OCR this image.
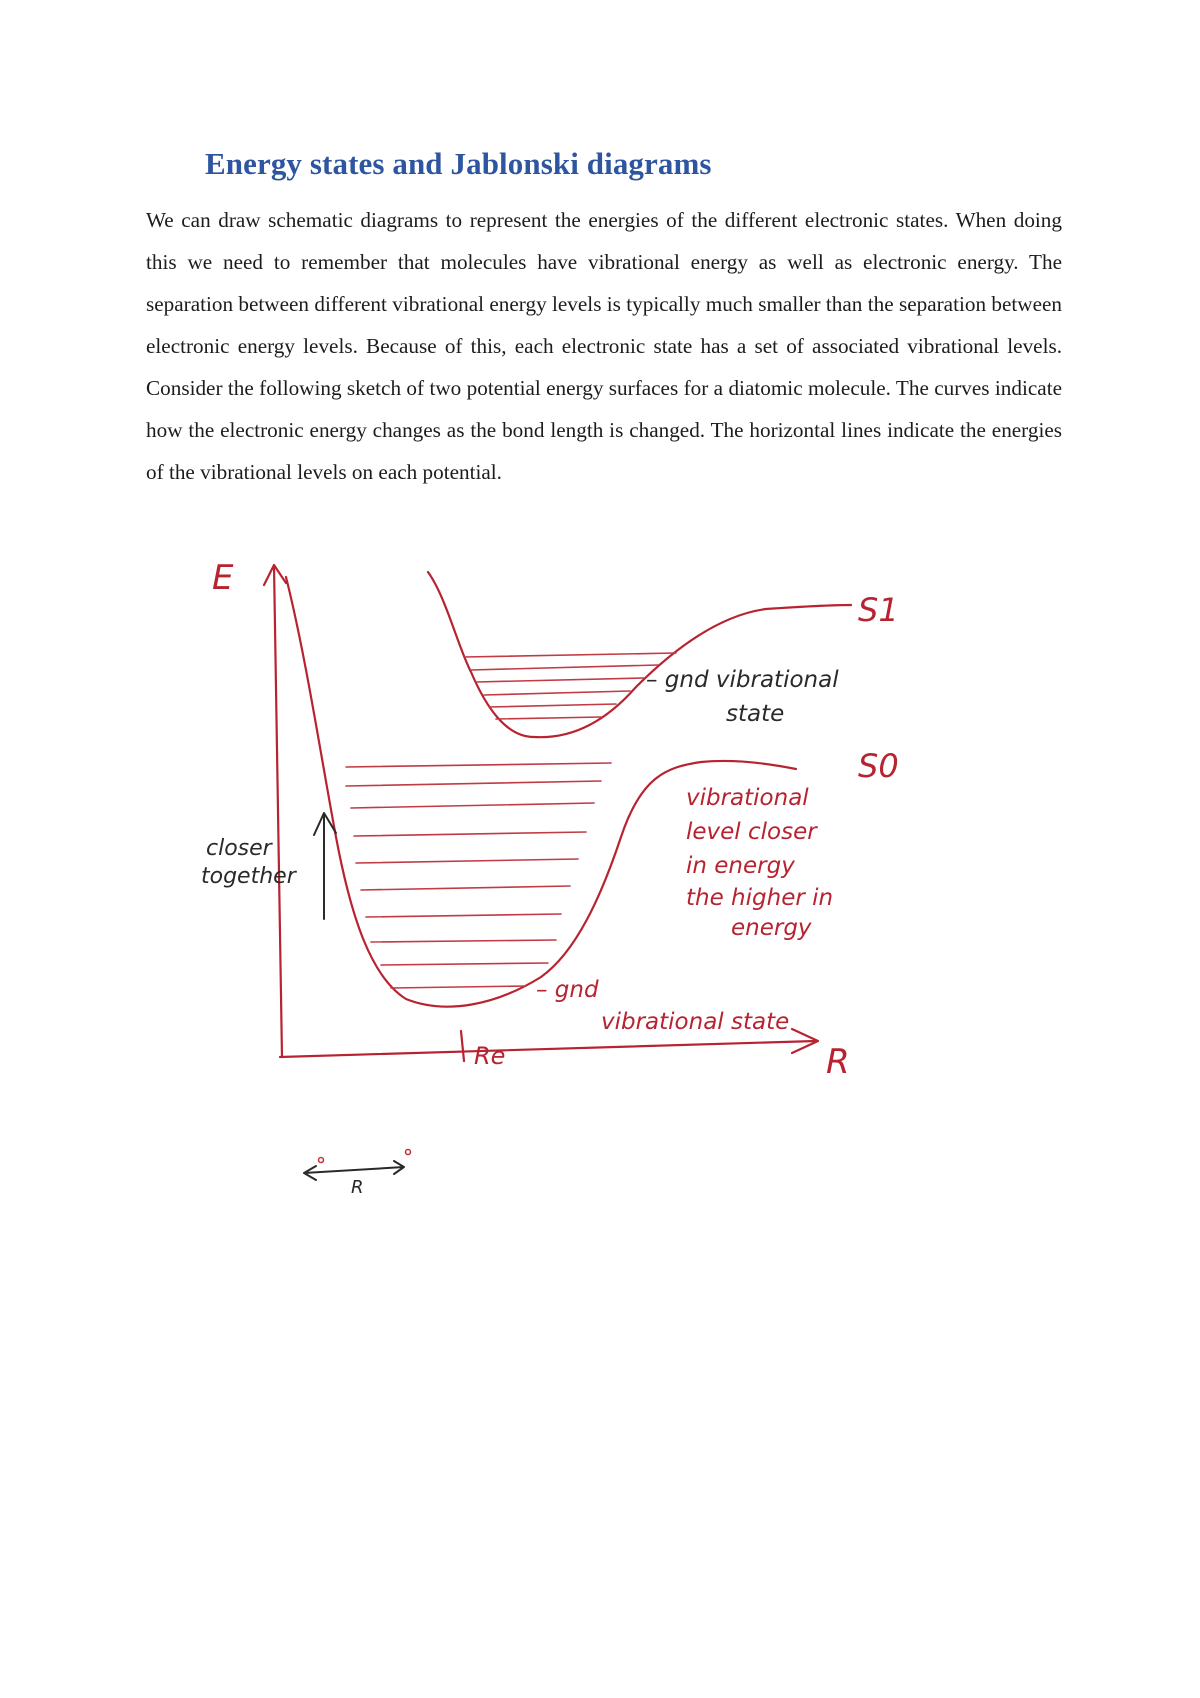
Energy states and Jablonski diagrams

We can draw schematic diagrams to represent the energies of the different electronic states. When doing this we need to remember that molecules have vibrational energy as well as electronic energy. The separation between different vibrational energy levels is typically much smaller than the separation between electronic energy levels. Because of this, each electronic state has a set of associated vibrational levels. Consider the following sketch of two potential energy surfaces for a diatomic molecule. The curves indicate how the electronic energy changes as the bond length is changed. The horizontal lines indicate the energies of the vibrational levels on each potential.

E
S1
S0
Re	R
vibrational level closer in energy the higher in energy
– gnd vibrational state
– gnd vibrational state
closer together
R
